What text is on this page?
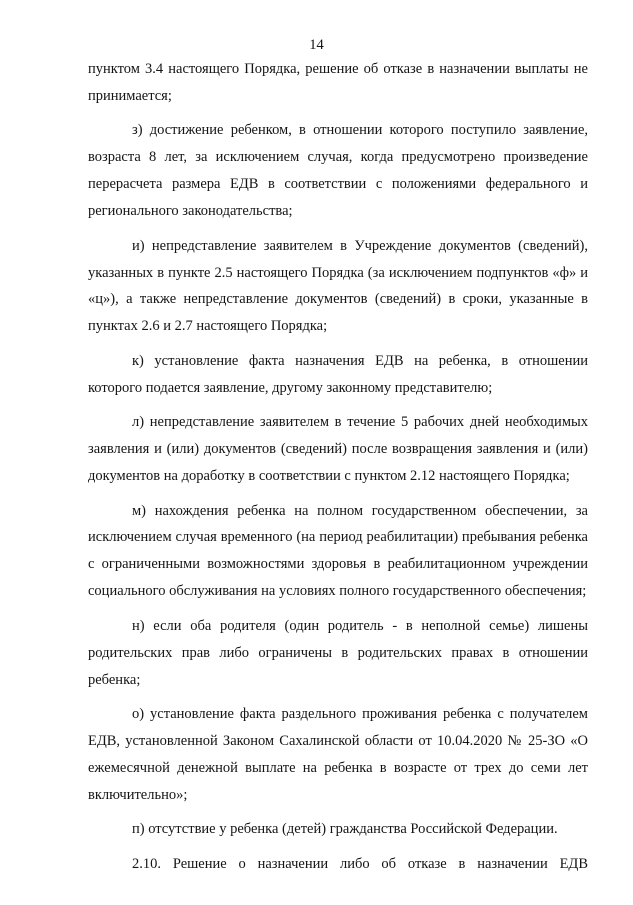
14

пунктом 3.4 настоящего Порядка, решение об отказе в назначении выплаты не принимается;

з) достижение ребенком, в отношении которого поступило заявление, возраста 8 лет, за исключением случая, когда предусмотрено произведение перерасчета размера ЕДВ в соответствии с положениями федерального и регионального законодательства;

и) непредставление заявителем в Учреждение документов (сведений), указанных в пункте 2.5 настоящего Порядка (за исключением подпунктов «ф» и «ц»), а также непредставление документов (сведений) в сроки, указанные в пунктах 2.6 и 2.7 настоящего Порядка;

к) установление факта назначения ЕДВ на ребенка, в отношении которого подается заявление, другому законному представителю;

л) непредставление заявителем в течение 5 рабочих дней необходимых заявления и (или) документов (сведений) после возвращения заявления и (или) документов на доработку в соответствии с пунктом 2.12 настоящего Порядка;

м) нахождения ребенка на полном государственном обеспечении, за исключением случая временного (на период реабилитации) пребывания ребенка с ограниченными возможностями здоровья в реабилитационном учреждении социального обслуживания на условиях полного государственного обеспечения;

н) если оба родителя (один родитель - в неполной семье) лишены родительских прав либо ограничены в родительских правах в отношении ребенка;

о) установление факта раздельного проживания ребенка с получателем ЕДВ, установленной Законом Сахалинской области от 10.04.2020 № 25-ЗО «О ежемесячной денежной выплате на ребенка в возрасте от трех до семи лет включительно»;

п) отсутствие у ребенка (детей) гражданства Российской Федерации.

2.10. Решение о назначении либо об отказе в назначении ЕДВ
